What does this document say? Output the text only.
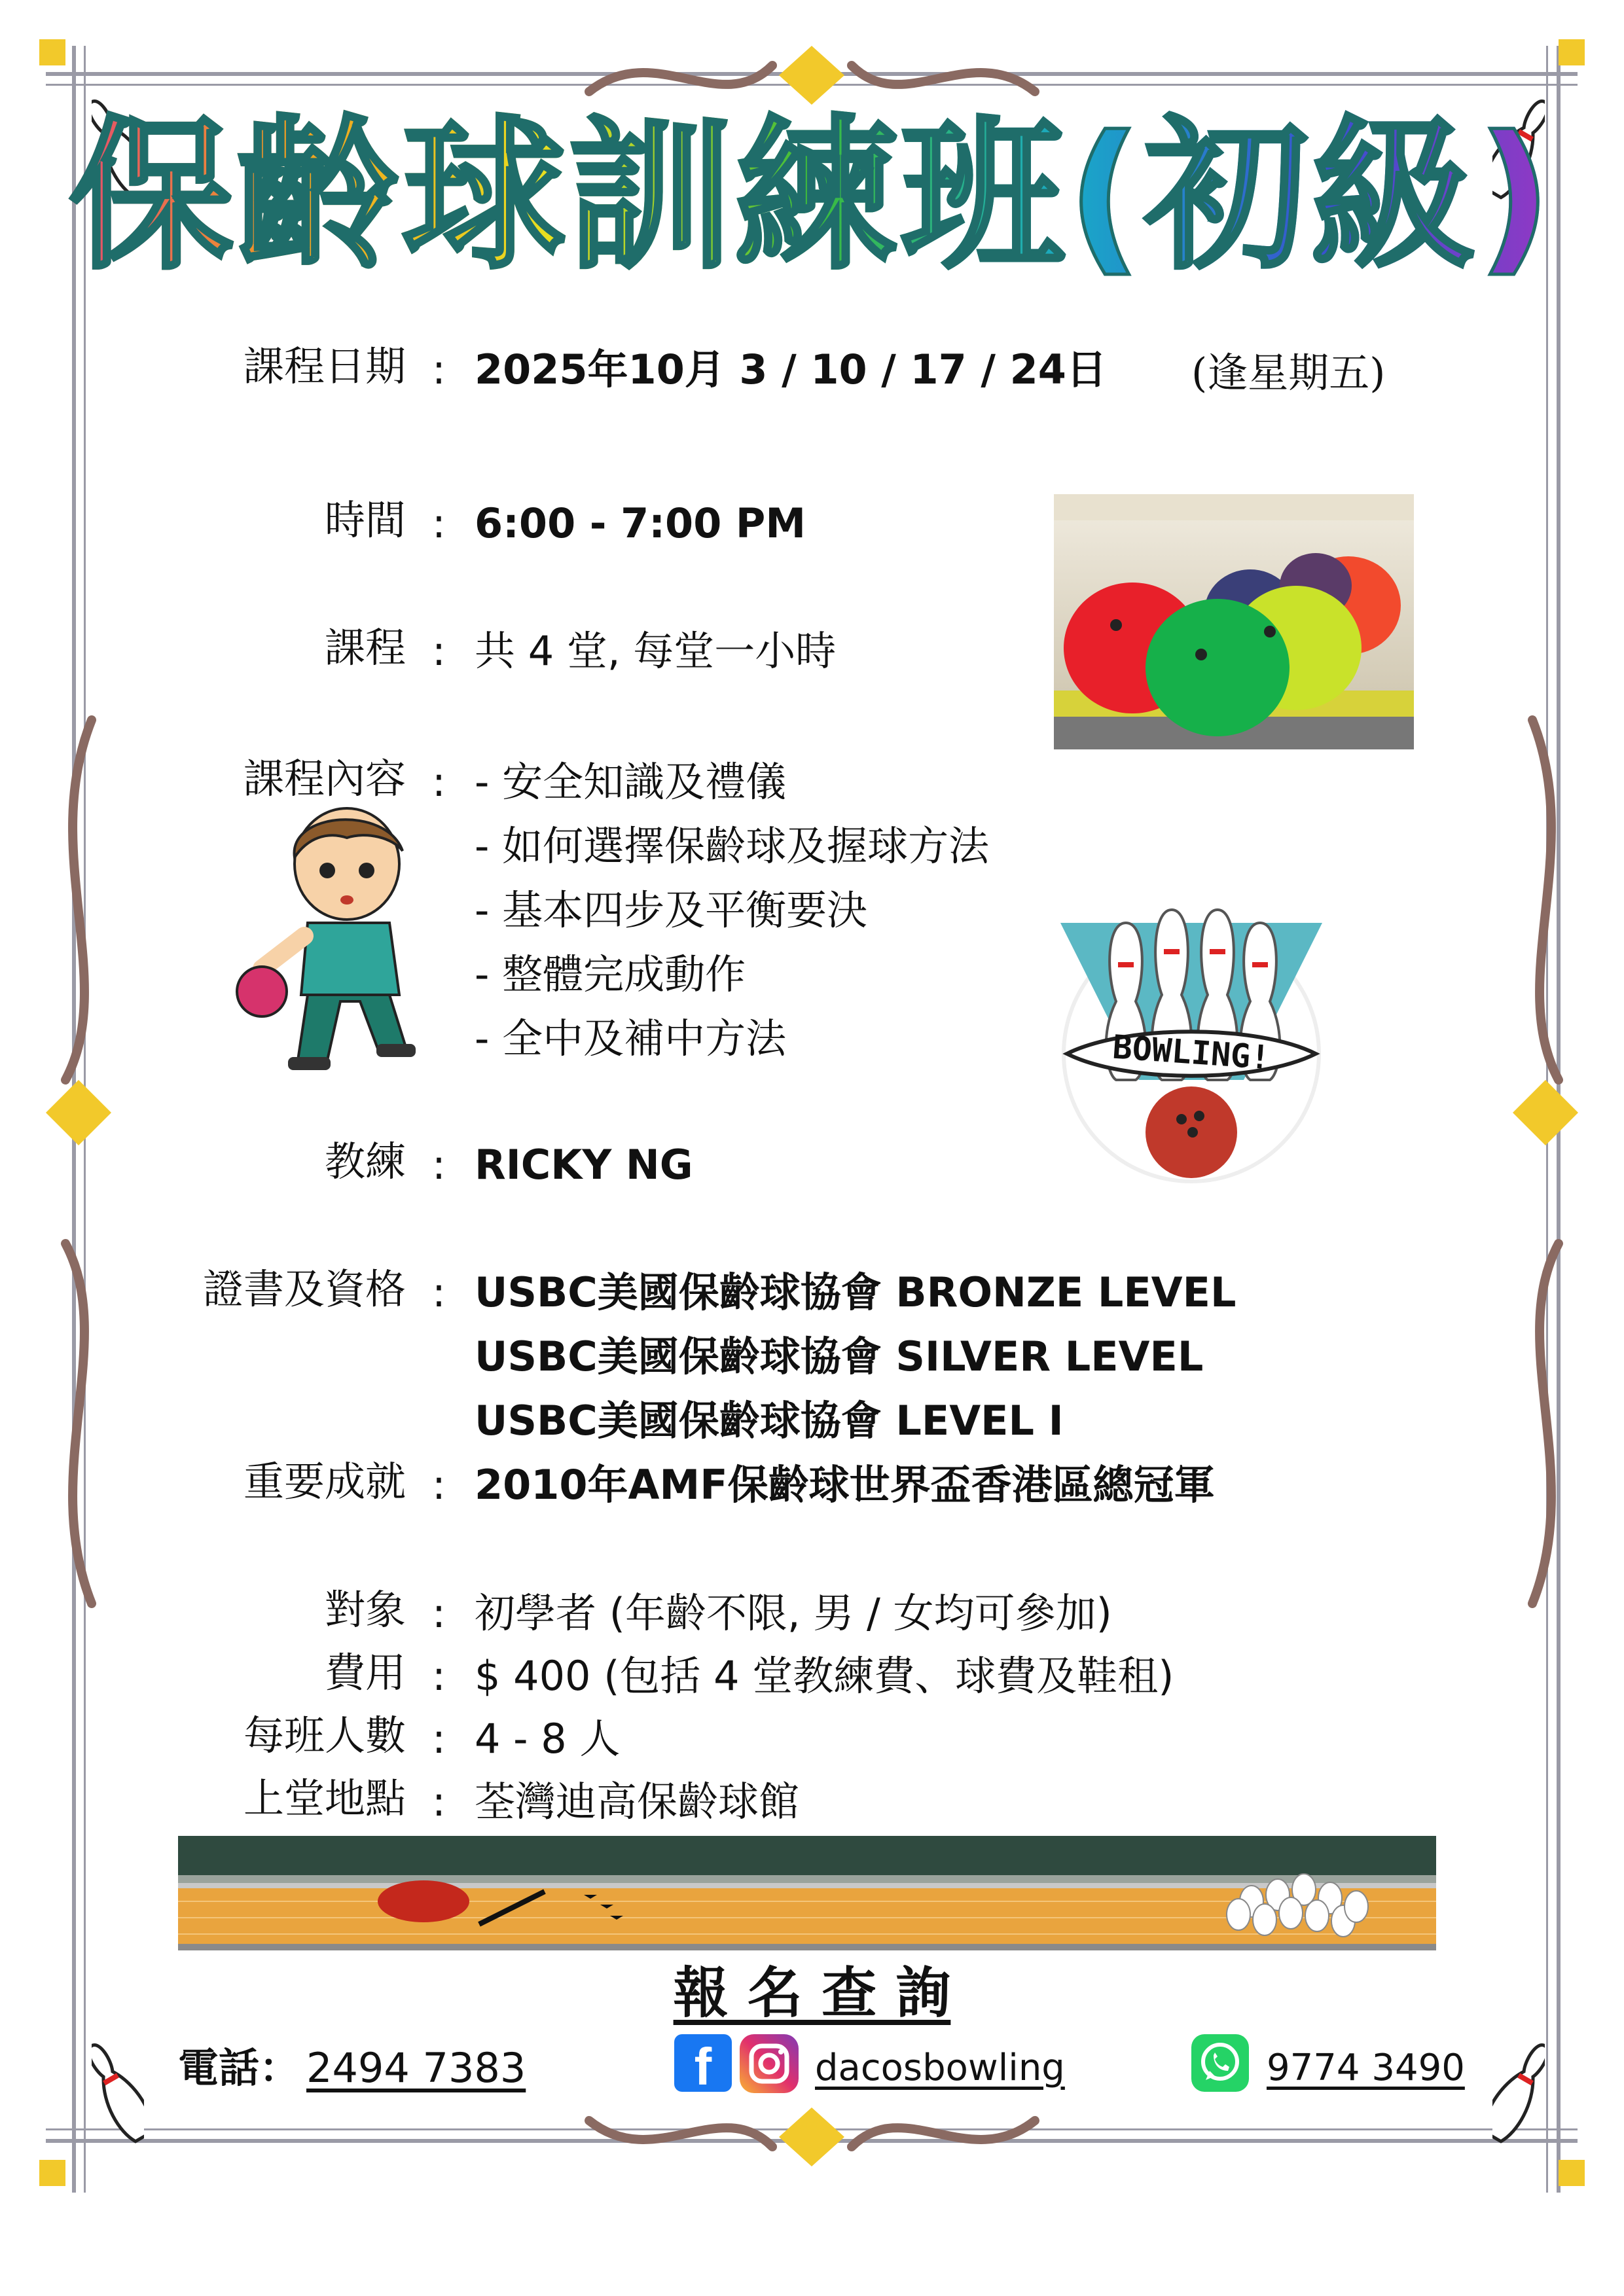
保齡球訓練班(初級)
課程日期 : 2025年10月 3 / 10 / 17 / 24日 (逢星期五)
時間 : 6:00 - 7:00 PM
課程 : 共 4 堂, 每堂一小時
課程內容 : - 安全知識及禮儀
- 如何選擇保齡球及握球方法
- 基本四步及平衡要決
- 整體完成動作
- 全中及補中方法
教練 : RICKY NG
證書及資格 : USBC美國保齡球協會 BRONZE LEVEL
USBC美國保齡球協會 SILVER LEVEL
USBC美國保齡球協會 LEVEL I
重要成就 : 2010年AMF保齡球世界盃香港區總冠軍
對象 : 初學者 (年齡不限, 男 / 女均可參加)
費用 : $ 400 (包括 4 堂教練費、球費及鞋租)
每班人數 : 4 - 8 人
上堂地點 : 荃灣迪高保齡球館
BOWLING!
報 名 查 詢
電話： 2494 7383	f	dacosbowling	9774 3490
